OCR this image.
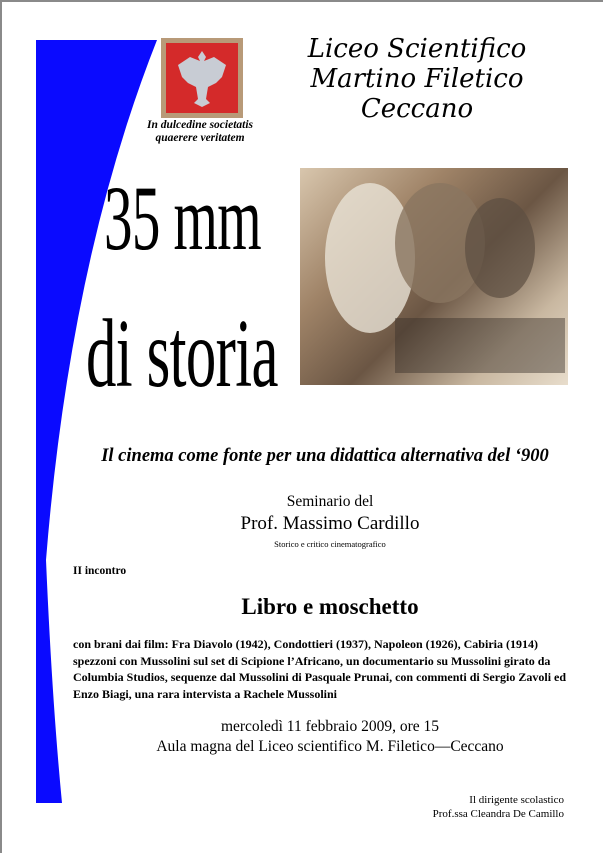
In dulcedine societatis
quaerere veritatem
Liceo Scientifico
Martino Filetico
Ceccano
35 mm
di storia
Il cinema come fonte per una didattica alternativa del ‘900
Seminario del
Prof. Massimo Cardillo
Storico e critico cinematografico
II incontro
Libro e moschetto
con brani dai film: Fra Diavolo (1942), Condottieri (1937), Napoleon (1926), Cabiria (1914) spezzoni con Mussolini sul set di Scipione l’Africano, un documentario su Mussolini girato da Columbia Studios, sequenze dal Mussolini di Pasquale Prunai, con commenti di Sergio Zavoli ed Enzo Biagi, una rara intervista a Rachele Mussolini
mercoledì 11 febbraio 2009, ore 15
Aula magna del Liceo scientifico M. Filetico—Ceccano
Il dirigente scolastico
Prof.ssa Cleandra De Camillo
